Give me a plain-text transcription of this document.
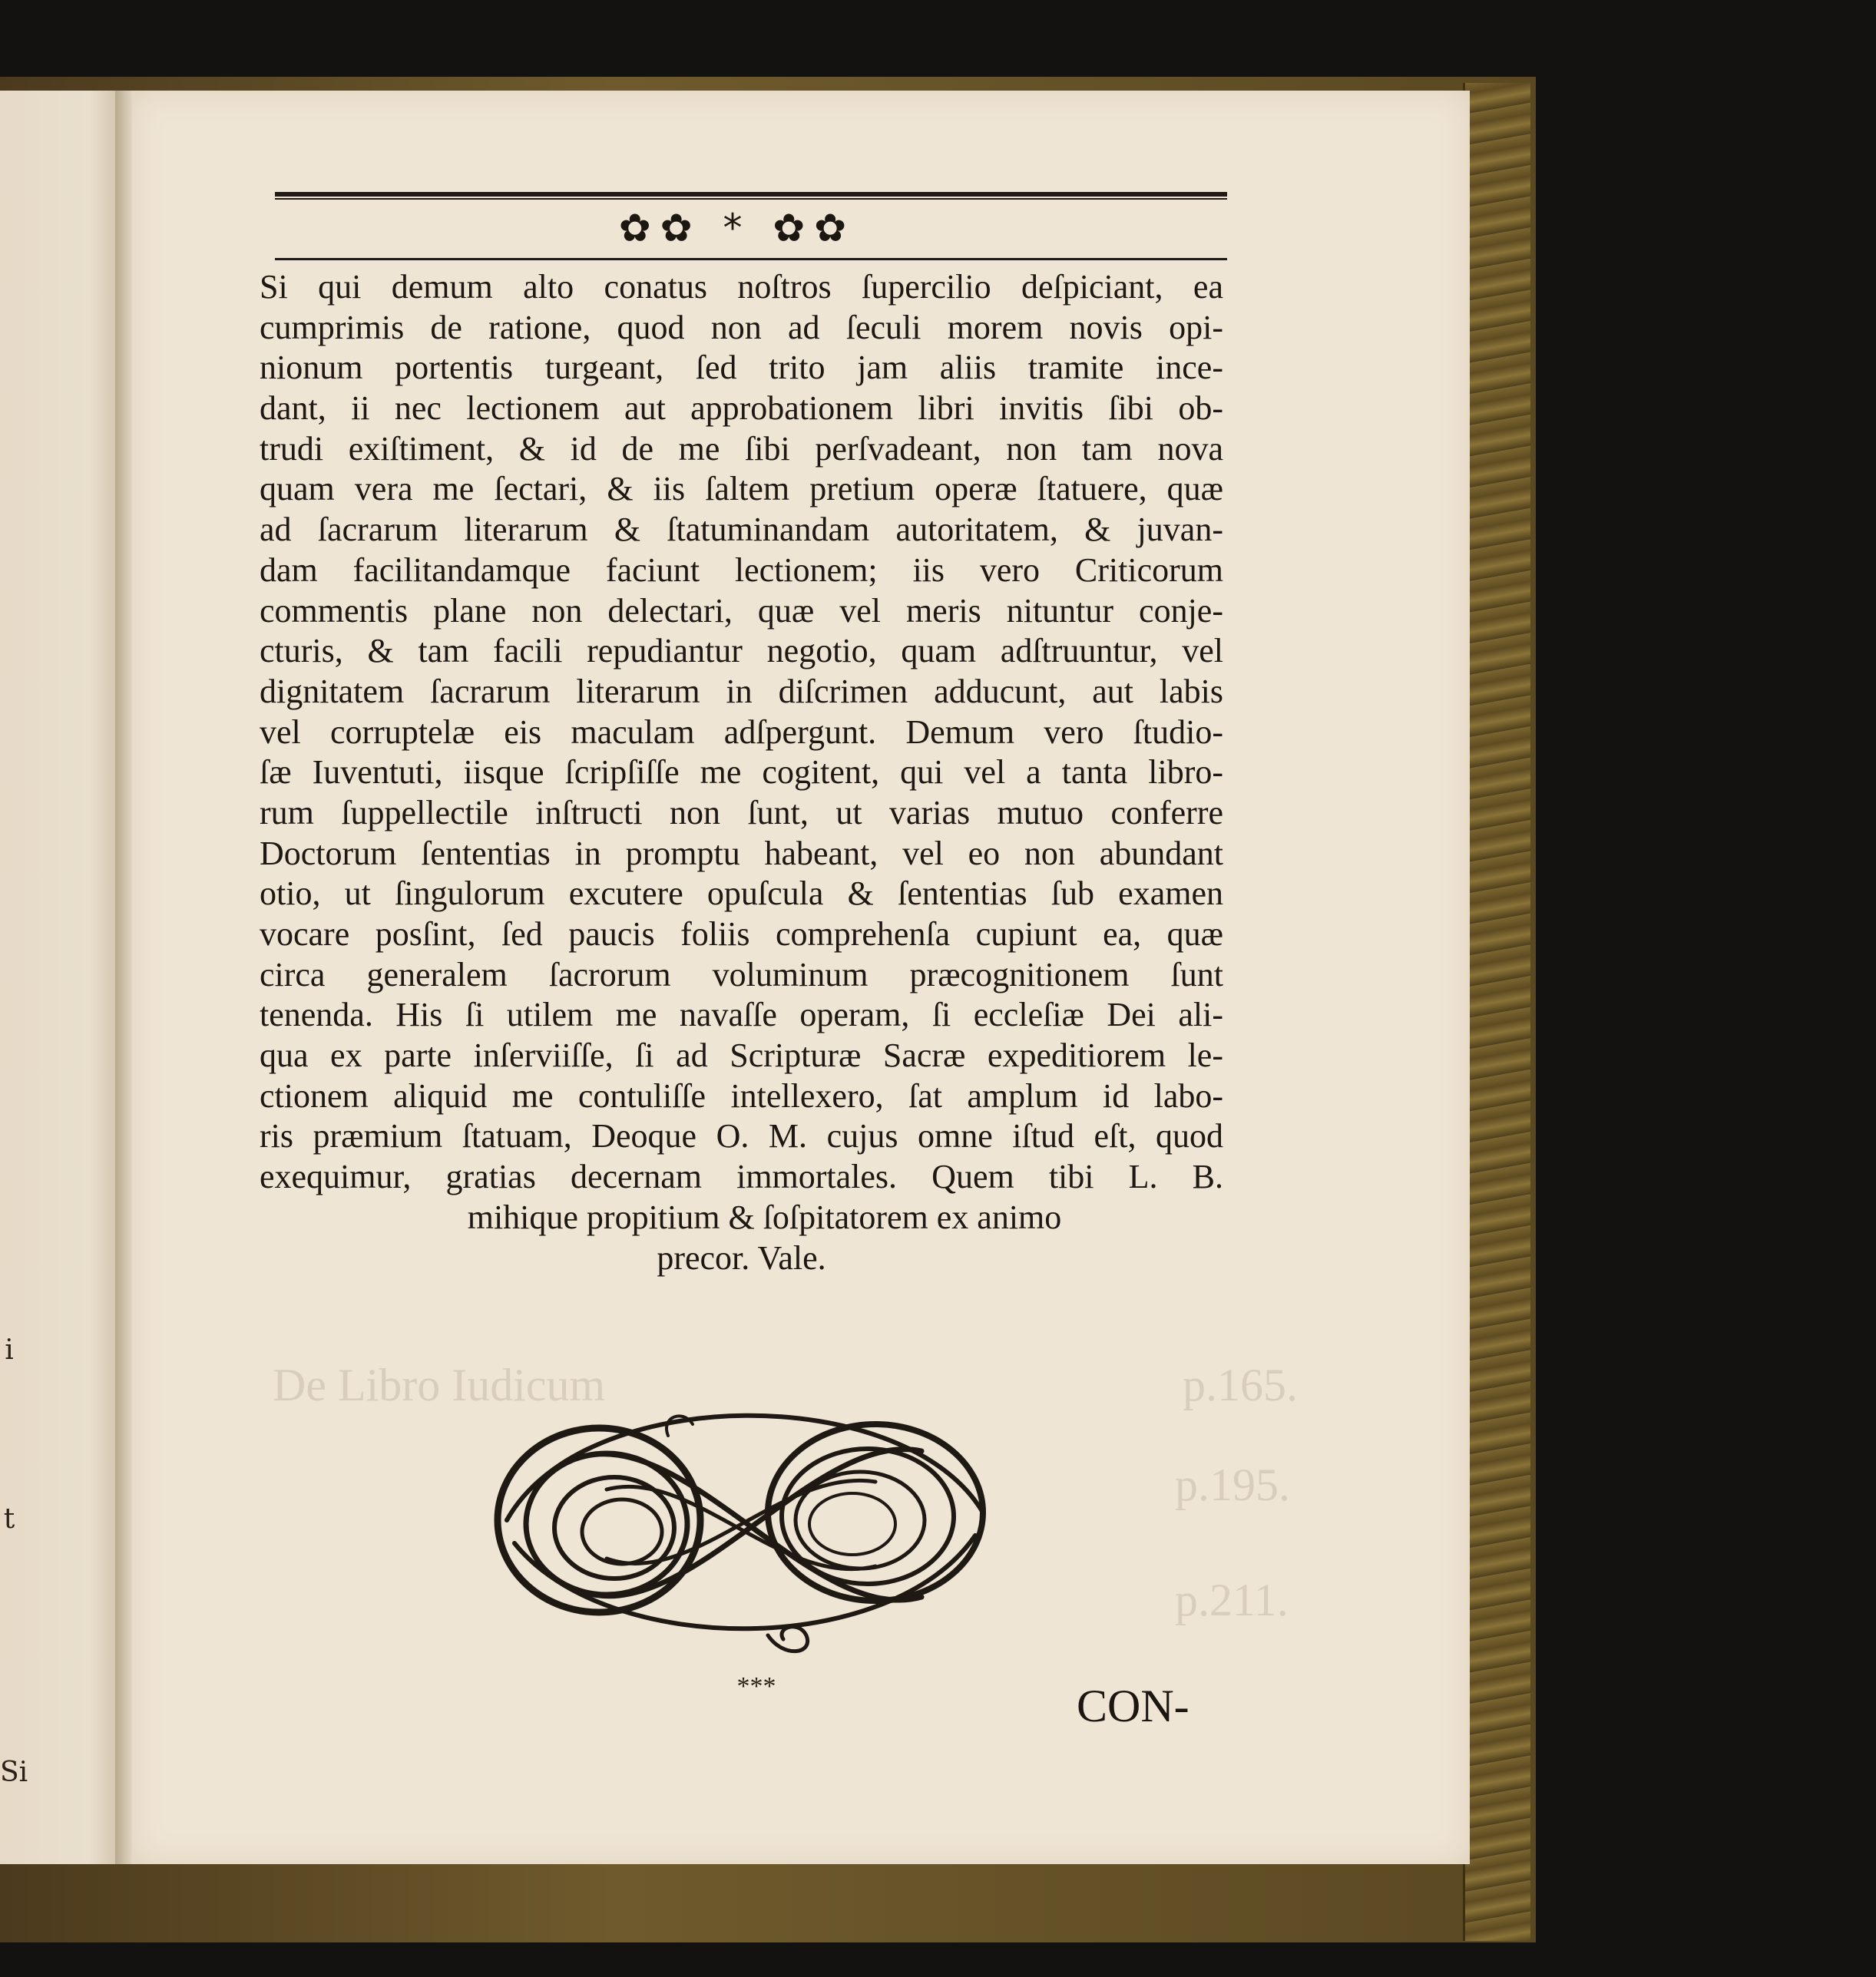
i
t
Si
De Libro Iudicum	p.165.
p.195.
p.211.
✿✿ * ✿✿
Si qui demum alto conatus noſtros ſupercilio deſpiciant, ea
cumprimis de ratione, quod non ad ſeculi morem novis opi-
nionum portentis turgeant, ſed trito jam aliis tramite ince-
dant, ii nec lectionem aut approbationem libri invitis ſibi ob-
trudi exiſtiment, & id de me ſibi perſvadeant, non tam nova
quam vera me ſectari, & iis ſaltem pretium operæ ſtatuere, quæ
ad ſacrarum literarum & ſtatuminandam autoritatem, & juvan-
dam facilitandamque faciunt lectionem; iis vero Criticorum
commentis plane non delectari, quæ vel meris nituntur conje-
cturis, & tam facili repudiantur negotio, quam adſtruuntur, vel
dignitatem ſacrarum literarum in diſcrimen adducunt, aut labis
vel corruptelæ eis maculam adſpergunt. Demum vero ſtudio-
ſæ Iuventuti, iisque ſcripſiſſe me cogitent, qui vel a tanta libro-
rum ſuppellectile inſtructi non ſunt, ut varias mutuo conferre
Doctorum ſententias in promptu habeant, vel eo non abundant
otio, ut ſingulorum excutere opuſcula & ſententias ſub examen
vocare posſint, ſed paucis foliis comprehenſa cupiunt ea, quæ
circa generalem ſacrorum voluminum præcognitionem ſunt
tenenda. His ſi utilem me navaſſe operam, ſi eccleſiæ Dei ali-
qua ex parte inſerviiſſe, ſi ad Scripturæ Sacræ expeditiorem le-
ctionem aliquid me contuliſſe intellexero, ſat amplum id labo-
ris præmium ſtatuam, Deoque O. M. cujus omne iſtud eſt, quod
exequimur, gratias decernam immortales. Quem tibi L. B.
mihique propitium & ſoſpitatorem ex animo
precor. Vale.
***	CON-
